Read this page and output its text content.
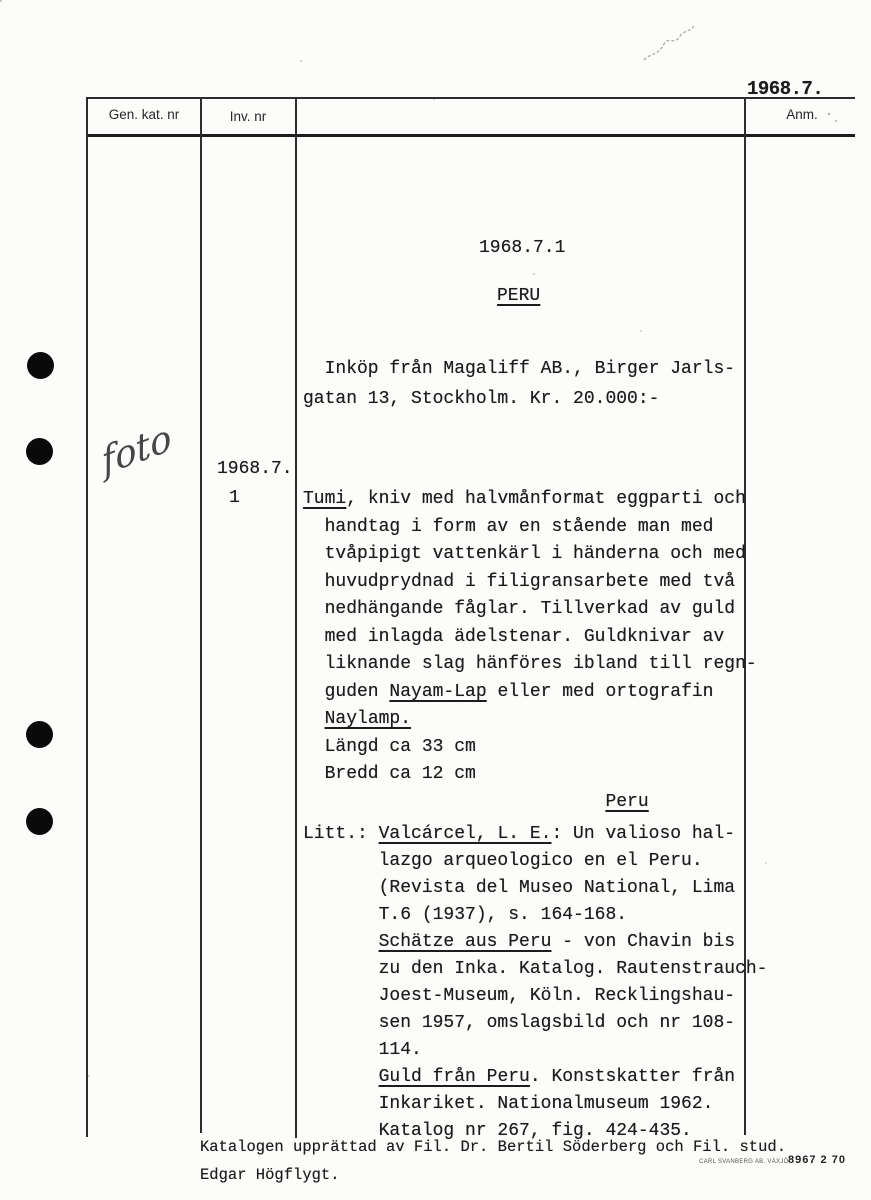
1968.7.
Gen. kat. nr	Inv. nr	Anm.
foto 1968.7.
1
1968.7.1
PERU
Inköp från Magaliff AB., Birger Jarls-
gatan 13, Stockholm. Kr. 20.000:-
Tumi, kniv med halvmånformat eggparti och
handtag i form av en stående man med
tvåpipigt vattenkärl i händerna och med
huvudprydnad i filigransarbete med två
nedhängande fåglar. Tillverkad av guld
med inlagda ädelstenar. Guldknivar av
liknande slag hänföres ibland till regn-
guden Nayam-Lap eller med ortografin
Naylamp.
Längd ca 33 cm
Bredd ca 12 cm
Peru
Litt.: Valcárcel, L. E.: Un valioso hal-
lazgo arqueologico en el Peru.
(Revista del Museo National, Lima
T.6 (1937), s. 164-168.
Schätze aus Peru - von Chavin bis
zu den Inka. Katalog. Rautenstrauch-
Joest-Museum, Köln. Recklingshau-
sen 1957, omslagsbild och nr 108-
114.
Guld från Peru. Konstskatter från
Inkariket. Nationalmuseum 1962.
Katalog nr 267, fig. 424-435.
Katalogen upprättad av Fil. Dr. Bertil Söderberg och Fil. stud.
Edgar Högflygt.
CARL SVANBERG AB. VÄXJÖ 8967 2 70
